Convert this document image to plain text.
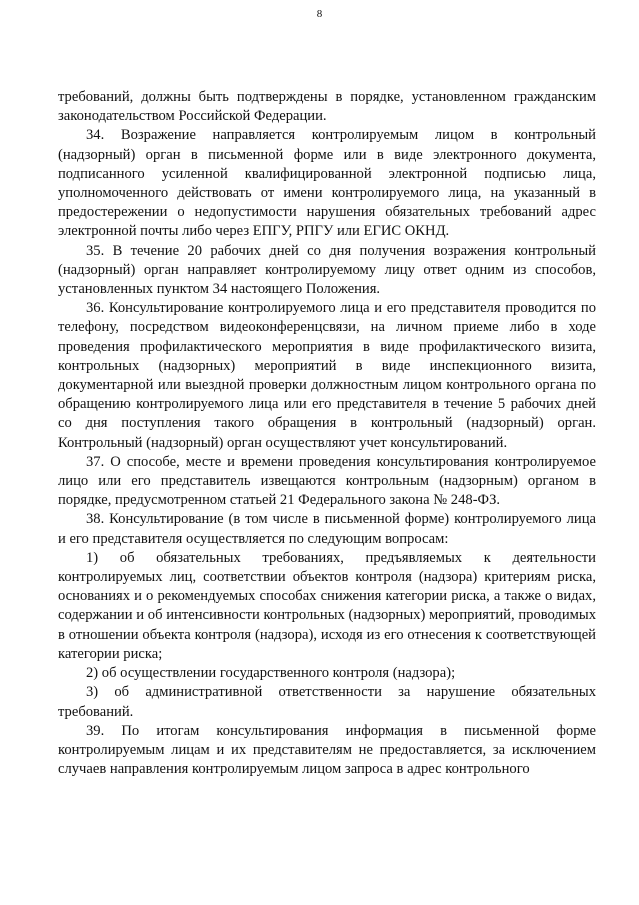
8

требований, должны быть подтверждены в порядке, установленном гражданским законодательством Российской Федерации.

34. Возражение направляется контролируемым лицом в контрольный (надзорный) орган в письменной форме или в виде электронного документа, подписанного усиленной квалифицированной электронной подписью лица, уполномоченного действовать от имени контролируемого лица, на указанный в предостережении о недопустимости нарушения обязательных требований адрес электронной почты либо через ЕПГУ, РПГУ или ЕГИС ОКНД.

35. В течение 20 рабочих дней со дня получения возражения контрольный (надзорный) орган направляет контролируемому лицу ответ одним из способов, установленных пунктом 34 настоящего Положения.

36. Консультирование контролируемого лица и его представителя проводится по телефону, посредством видеоконференцсвязи, на личном приеме либо в ходе проведения профилактического мероприятия в виде профилактического визита, контрольных (надзорных) мероприятий в виде инспекционного визита, документарной или выездной проверки должностным лицом контрольного органа по обращению контролируемого лица или его представителя в течение 5 рабочих дней со дня поступления такого обращения в контрольный (надзорный) орган. Контрольный (надзорный) орган осуществляют учет консультирований.

37. О способе, месте и времени проведения консультирования контролируемое лицо или его представитель извещаются контрольным (надзорным) органом в порядке, предусмотренном статьей 21 Федерального закона № 248-ФЗ.

38. Консультирование (в том числе в письменной форме) контролируемого лица и его представителя осуществляется по следующим вопросам:

1) об обязательных требованиях, предъявляемых к деятельности контролируемых лиц, соответствии объектов контроля (надзора) критериям риска, основаниях и о рекомендуемых способах снижения категории риска, а также о видах, содержании и об интенсивности контрольных (надзорных) мероприятий, проводимых в отношении объекта контроля (надзора), исходя из его отнесения к соответствующей категории риска;

2) об осуществлении государственного контроля (надзора);

3) об административной ответственности за нарушение обязательных требований.

39. По итогам консультирования информация в письменной форме контролируемым лицам и их представителям не предоставляется, за исключением случаев направления контролируемым лицом запроса в адрес контрольного
